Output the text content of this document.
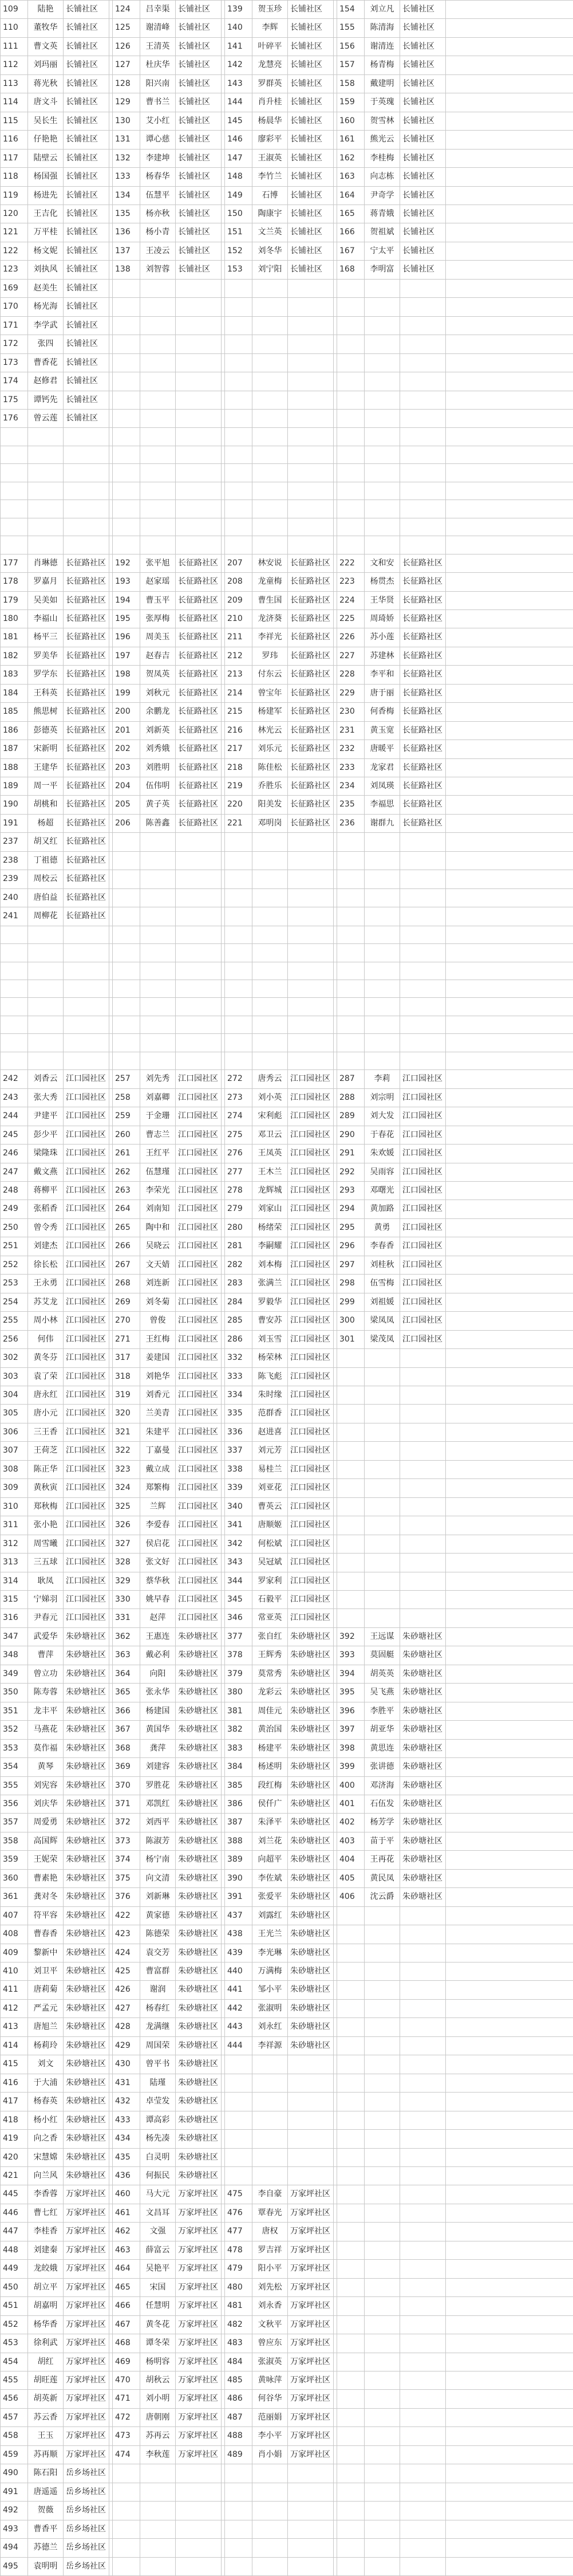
109	陆艳	长铺社区		124	吕幸渠	长铺社区		139	贺玉珍	长铺社区		154	刘立凡	长铺社区	
110	董牧华	长铺社区		125	谢清峰	长铺社区		140	李辉	长铺社区		155	陈清海	长铺社区	
111	曹文英	长铺社区		126	王清英	长铺社区		141	叶碎平	长铺社区		156	谢清连	长铺社区	
112	刘玛丽	长铺社区		127	杜庆华	长铺社区		142	龙慧亮	长铺社区		157	杨青梅	长铺社区	
113	蒋光秋	长铺社区		128	阳兴南	长铺社区		143	罗群英	长铺社区		158	戴建明	长铺社区	
114	唐文斗	长铺社区		129	曹书兰	长铺社区		144	肖升桂	长铺社区		159	于英瑰	长铺社区	
115	吴长生	长铺社区		130	艾小红	长铺社区		145	杨晨华	长铺社区		160	贺雪林	长铺社区	
116	仔艳艳	长铺社区		131	谭心慈	长铺社区		146	廖彩平	长铺社区		161	熊光云	长铺社区	
117	陆壁云	长铺社区		132	李建坤	长铺社区		147	王淑英	长铺社区		162	李桂梅	长铺社区	
118	杨国强	长铺社区		133	杨春华	长铺社区		148	李竹兰	长铺社区		163	向志栋	长铺社区	
119	杨进先	长铺社区		134	伍慧平	长铺社区		149	石博	长铺社区		164	尹奇学	长铺社区	
120	王吉化	长铺社区		135	杨亦秋	长铺社区		150	陶康宇	长铺社区		165	蒋青娥	长铺社区	
121	万平桂	长铺社区		136	杨小青	长铺社区		151	文兰英	长铺社区		166	贺祖斌	长铺社区	
122	杨文妮	长铺社区		137	王凌云	长铺社区		152	刘冬华	长铺社区		167	宁太平	长铺社区	
123	刘执风	长铺社区		138	刘智蓉	长铺社区		153	刘宁阳	长铺社区		168	李明富	长铺社区	
169	赵美生	长铺社区													
170	杨光海	长铺社区													
171	李学武	长铺社区													
172	张四	长铺社区													
173	曹香花	长铺社区													
174	赵修君	长铺社区													
175	谭钙先	长铺社区													
176	曾云莲	长铺社区													

177	肖琳德	长征路社区		192	张平旭	长征路社区		207	林安说	长征路社区		222	文和安	长征路社区	
178	罗嘉月	长征路社区		193	赵家瑶	长征路社区		208	龙童梅	长征路社区		223	杨贯杰	长征路社区	
179	吴美如	长征路社区		194	曹玉平	长征路社区		209	曹生国	长征路社区		224	王华贤	长征路社区	
180	李福山	长征路社区		195	张厚梅	长征路社区		210	龙济葵	长征路社区		225	周琦娇	长征路社区	
181	杨平三	长征路社区		196	周美玉	长征路社区		211	李祥光	长征路社区		226	苏小莲	长征路社区	
182	罗美华	长征路社区		197	赵春吉	长征路社区		212	罗玮	长征路社区		227	苏建林	长征路社区	
183	罗学东	长征路社区		198	贺凤英	长征路社区		213	付东云	长征路社区		228	李平和	长征路社区	
184	王科英	长征路社区		199	刘秋元	长征路社区		214	曾宝年	长征路社区		229	唐于丽	长征路社区	
185	熊思树	长征路社区		200	余鹏龙	长征路社区		215	杨建军	长征路社区		230	何香梅	长征路社区	
186	彭德英	长征路社区		201	刘新英	长征路社区		216	林光云	长征路社区		231	黄玉宽	长征路社区	
187	宋新明	长征路社区		202	刘秀娥	长征路社区		217	刘乐元	长征路社区		232	唐暖平	长征路社区	
188	王建华	长征路社区		203	刘胜明	长征路社区		218	陈佳松	长征路社区		233	龙家君	长征路社区	
189	周一平	长征路社区		204	伍伟明	长征路社区		219	乔胜乐	长征路社区		234	刘凤瑛	长征路社区	
190	胡桃和	长征路社区		205	黄子英	长征路社区		220	阳美发	长征路社区		235	李福思	长征路社区	
191	杨超	长征路社区		206	陈善鑫	长征路社区		221	邓明岗	长征路社区		236	谢群九	长征路社区	
237	胡又红	长征路社区													
238	丁祖德	长征路社区													
239	周校云	长征路社区													
240	唐伯益	长征路社区													
241	周柳花	长征路社区													

242	刘香云	江口园社区		257	刘先秀	江口园社区		272	唐秀云	江口园社区		287	李莉	江口园社区	
243	张大秀	江口园社区		258	刘嘉卿	江口园社区		273	刘小英	江口园社区		288	刘宗明	江口园社区	
244	尹建平	江口园社区		259	于金珊	江口园社区		274	宋利彪	江口园社区		289	刘大发	江口园社区	
245	彭少平	江口园社区		260	曹志兰	江口园社区		275	邓卫云	江口园社区		290	于春花	江口园社区	
246	梁隆珠	江口园社区		261	王红平	江口园社区		276	王凤英	江口园社区		291	朱欢媛	江口园社区	
247	戴文燕	江口园社区		262	伍慧瑾	江口园社区		277	王木兰	江口园社区		292	吴雨容	江口园社区	
248	蒋柳平	江口园社区		263	李荣光	江口园社区		278	龙辉城	江口园社区		293	邓曙光	江口园社区	
249	张稻香	江口园社区		264	刘南知	江口园社区		279	刘家山	江口园社区		294	黄加路	江口园社区	
250	曾令秀	江口园社区		265	陶中和	江口园社区		280	杨绪荣	江口园社区		295	黄勇	江口园社区	
251	刘建杰	江口园社区		266	吴晓云	江口园社区		281	李嗣耀	江口园社区		296	李春香	江口园社区	
252	徐长松	江口园社区		267	文天婧	江口园社区		282	刘本梅	江口园社区		297	刘桂秋	江口园社区	
253	王永勇	江口园社区		268	刘连新	江口园社区		283	张满兰	江口园社区		298	伍雪梅	江口园社区	
254	苏艾龙	江口园社区		269	刘冬菊	江口园社区		284	罗毅华	江口园社区		299	刘祖媛	江口园社区	
255	周小林	江口园社区		270	曾俊	江口园社区		285	曹安苏	江口园社区		300	梁凤凤	江口园社区	
256	何伟	江口园社区		271	王红梅	江口园社区		286	刘玉雪	江口园社区		301	梁茂凤	江口园社区	
302	黄冬芬	江口园社区		317	姜建国	江口园社区		332	杨荣林	江口园社区					
303	袁了荣	江口园社区		318	刘艳华	江口园社区		333	陈飞彪	江口园社区					
304	唐永红	江口园社区		319	刘香元	江口园社区		334	朱时缘	江口园社区					
305	唐小元	江口园社区		320	兰美青	江口园社区		335	范群香	江口园社区					
306	三王香	江口园社区		321	朱建平	江口园社区		336	赵进喜	江口园社区					
307	王荷芝	江口园社区		322	丁嘉曼	江口园社区		337	刘元芳	江口园社区					
308	陈正华	江口园社区		323	戴立成	江口园社区		338	易桂兰	江口园社区					
309	黄秋寅	江口园社区		324	郑繁梅	江口园社区		339	刘亚花	江口园社区					
310	郑秋梅	江口园社区		325	兰辉	江口园社区		340	曹英云	江口园社区					
311	张小艳	江口园社区		326	李爱春	江口园社区		341	唐顺姬	江口园社区					
312	周雪曦	江口园社区		327	侯启花	江口园社区		342	何松斌	江口园社区					
313	三五球	江口园社区		328	张文好	江口园社区		343	吴冠斌	江口园社区					
314	耿凤	江口园社区		329	蔡华秋	江口园社区		344	罗家利	江口园社区					
315	宁娣羽	江口园社区		330	姚早春	江口园社区		345	石毅平	江口园社区					
316	尹春元	江口园社区		331	赵萍	江口园社区		346	常亚英	江口园社区					
347	武爱华	朱砂塘社区		362	王惠连	朱砂塘社区		377	张自红	朱砂塘社区		392	王远谋	朱砂塘社区	
348	曹萍	朱砂塘社区		363	戴必利	朱砂塘社区		378	王辉秀	朱砂塘社区		393	莫固艇	朱砂塘社区	
349	曾立功	朱砂塘社区		364	向阳	朱砂塘社区		379	莫常秀	朱砂塘社区		394	胡英英	朱砂塘社区	
350	陈寿蓉	朱砂塘社区		365	张永华	朱砂塘社区		380	龙彩云	朱砂塘社区		395	吴飞燕	朱砂塘社区	
351	龙丰平	朱砂塘社区		366	杨建国	朱砂塘社区		381	周佳元	朱砂塘社区		396	李胜平	朱砂塘社区	
352	马燕花	朱砂塘社区		367	黄国华	朱砂塘社区		382	黄治国	朱砂塘社区		397	胡亚华	朱砂塘社区	
353	莫作福	朱砂塘社区		368	龚萍	朱砂塘社区		383	杨建平	朱砂塘社区		398	黄思连	朱砂塘社区	
354	黄琴	朱砂塘社区		369	刘建容	朱砂塘社区		384	杨述明	朱砂塘社区		399	张讲德	朱砂塘社区	
355	刘宪容	朱砂塘社区		370	罗胜花	朱砂塘社区		385	段红梅	朱砂塘社区		400	邓济海	朱砂塘社区	
356	刘庆华	朱砂塘社区		371	邓凯红	朱砂塘社区		386	侯仟广	朱砂塘社区		401	石伍发	朱砂塘社区	
357	周爱勇	朱砂塘社区		372	刘西平	朱砂塘社区		387	朱泽平	朱砂塘社区		402	杨芳学	朱砂塘社区	
358	高国辉	朱砂塘社区		373	陈淑芳	朱砂塘社区		388	刘兰花	朱砂塘社区		403	苗于平	朱砂塘社区	
359	王妮荣	朱砂塘社区		374	杨宁南	朱砂塘社区		389	向超平	朱砂塘社区		404	王再花	朱砂塘社区	
360	曹素艳	朱砂塘社区		375	向文清	朱砂塘社区		390	李佐斌	朱砂塘社区		405	黄民凤	朱砂塘社区	
361	龚对冬	朱砂塘社区		376	刘新琳	朱砂塘社区		391	张爱平	朱砂塘社区		406	沈云爵	朱砂塘社区	
407	符平容	朱砂塘社区		422	黄家德	朱砂塘社区		437	刘露红	朱砂塘社区					
408	曹春香	朱砂塘社区		423	陈德荣	朱砂塘社区		438	王光兰	朱砂塘社区					
409	黎新中	朱砂塘社区		424	袁交芳	朱砂塘社区		439	李光琳	朱砂塘社区					
410	刘卫平	朱砂塘社区		425	曹富群	朱砂塘社区		440	万满梅	朱砂塘社区					
411	唐莉菊	朱砂塘社区		426	谢润	朱砂塘社区		441	邹小平	朱砂塘社区					
412	严孟元	朱砂塘社区		427	杨春红	朱砂塘社区		442	张淑明	朱砂塘社区					
413	唐旭兰	朱砂塘社区		428	龙满继	朱砂塘社区		443	刘永红	朱砂塘社区					
414	杨莉玲	朱砂塘社区		429	周国荣	朱砂塘社区		444	李祥源	朱砂塘社区					
415	刘文	朱砂塘社区		430	曾平书	朱砂塘社区									
416	于大浦	朱砂塘社区		431	陆瑾	朱砂塘社区									
417	杨春英	朱砂塘社区		432	卓莹发	朱砂塘社区									
418	杨小红	朱砂塘社区		433	谭高彩	朱砂塘社区									
419	向之香	朱砂塘社区		434	杨先凑	朱砂塘社区									
420	宋慧嫦	朱砂塘社区		435	白灵明	朱砂塘社区									
421	向兰风	朱砂塘社区		436	何振民	朱砂塘社区									
445	李香蓉	万家坪社区		460	马大元	万家坪社区		475	李自豪	万家坪社区					
446	曹七红	万家坪社区		461	文昌耳	万家坪社区		476	覃春光	万家坪社区					
447	李桂香	万家坪社区		462	文强	万家坪社区		477	唐权	万家坪社区					
448	刘建秦	万家坪社区		463	薛富云	万家坪社区		478	罗吉祥	万家坪社区					
449	龙皎娥	万家坪社区		464	吴艳平	万家坪社区		479	阳小平	万家坪社区					
450	胡立平	万家坪社区		465	宋国	万家坪社区		480	刘先松	万家坪社区					
451	胡嘉明	万家坪社区		466	任慧明	万家坪社区		481	刘永香	万家坪社区					
452	杨华香	万家坪社区		467	黄冬花	万家坪社区		482	文秋平	万家坪社区					
453	徐利武	万家坪社区		468	谭冬荣	万家坪社区		483	曾应东	万家坪社区					
454	胡红	万家坪社区		469	杨明容	万家坪社区		484	张淑英	万家坪社区					
455	胡旺莲	万家坪社区		470	胡秋云	万家坪社区		485	黄咏萍	万家坪社区					
456	胡英新	万家坪社区		471	刘小明	万家坪社区		486	何谷华	万家坪社区					
457	苏云香	万家坪社区		472	唐朝刚	万家坪社区		487	范丽娟	万家坪社区					
458	王玉	万家坪社区		473	苏再云	万家坪社区		488	李小平	万家坪社区					
459	苏再顺	万家坪社区		474	李秋莲	万家坪社区		489	肖小娟	万家坪社区					
490	陈石阳	岳乡场社区													
491	唐遥遥	岳乡场社区													
492	贺薇	岳乡场社区													
493	曹香平	岳乡场社区													
494	苏德兰	岳乡场社区													
495	袁明明	岳乡场社区													
